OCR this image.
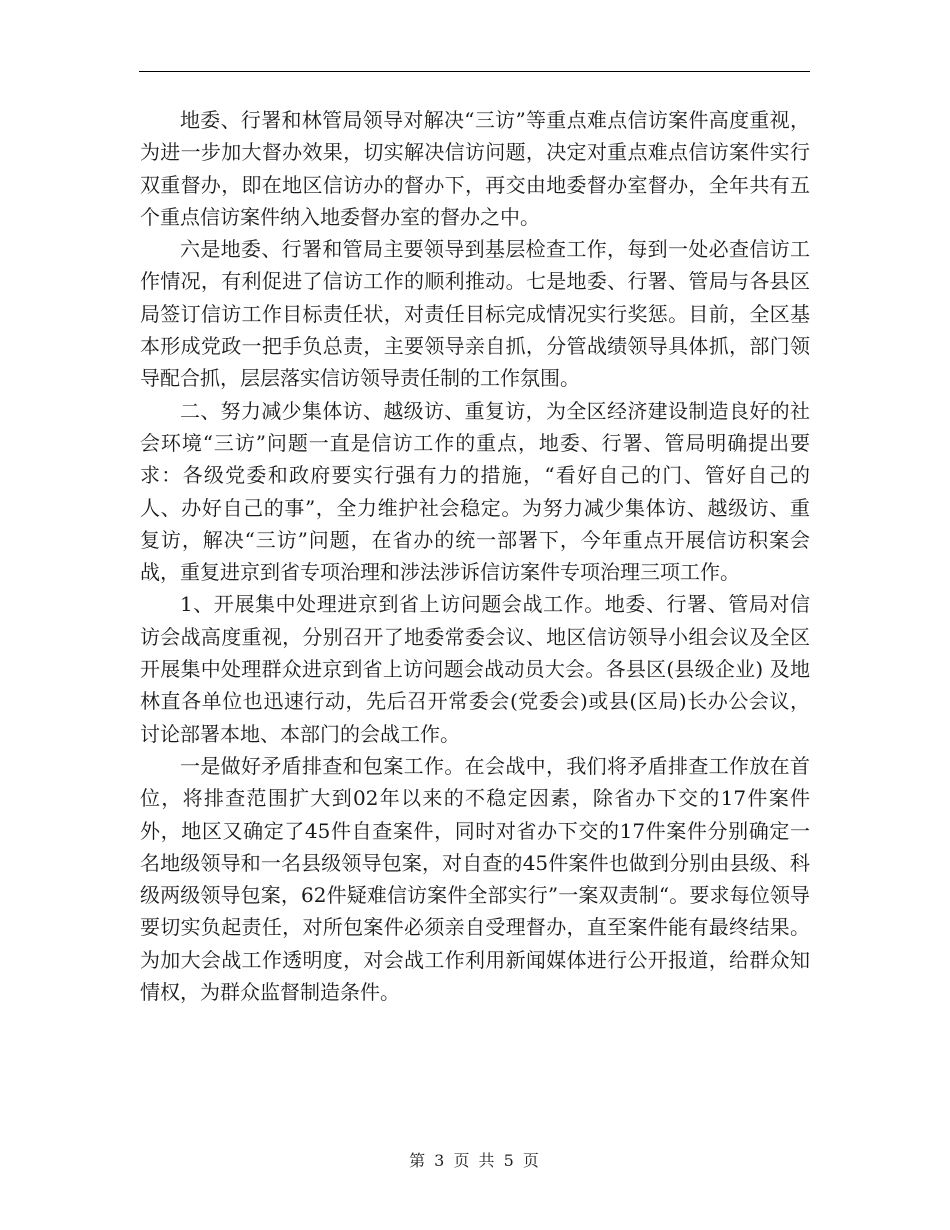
地委、行署和林管局领导对解决“三访”等重点难点信访案件高度重视，为进一步加大督办效果，切实解决信访问题，决定对重点难点信访案件实行双重督办，即在地区信访办的督办下，再交由地委督办室督办，全年共有五个重点信访案件纳入地委督办室的督办之中。

六是地委、行署和管局主要领导到基层检查工作，每到一处必查信访工作情况，有利促进了信访工作的顺利推动。七是地委、行署、管局与各县区局签订信访工作目标责任状，对责任目标完成情况实行奖惩。目前，全区基本形成党政一把手负总责，主要领导亲自抓，分管战绩领导具体抓，部门领导配合抓，层层落实信访领导责任制的工作氛围。

二、努力减少集体访、越级访、重复访，为全区经济建设制造良好的社会环境“三访”问题一直是信访工作的重点，地委、行署、管局明确提出要求：各级党委和政府要实行强有力的措施，“看好自己的门、管好自己的人、办好自己的事”，全力维护社会稳定。为努力减少集体访、越级访、重复访，解决“三访”问题，在省办的统一部署下，今年重点开展信访积案会战，重复进京到省专项治理和涉法涉诉信访案件专项治理三项工作。

1、开展集中处理进京到省上访问题会战工作。地委、行署、管局对信访会战高度重视，分别召开了地委常委会议、地区信访领导小组会议及全区开展集中处理群众进京到省上访问题会战动员大会。各县区(县级企业) 及地林直各单位也迅速行动，先后召开常委会(党委会)或县(区局)长办公会议，讨论部署本地、本部门的会战工作。

一是做好矛盾排查和包案工作。在会战中，我们将矛盾排查工作放在首位，将排查范围扩大到02年以来的不稳定因素，除省办下交的17件案件外，地区又确定了45件自查案件，同时对省办下交的17件案件分别确定一名地级领导和一名县级领导包案，对自查的45件案件也做到分别由县级、科级两级领导包案，62件疑难信访案件全部实行”一案双责制“。要求每位领导要切实负起责任，对所包案件必须亲自受理督办，直至案件能有最终结果。为加大会战工作透明度，对会战工作利用新闻媒体进行公开报道，给群众知情权，为群众监督制造条件。

第 3 页 共 5 页
